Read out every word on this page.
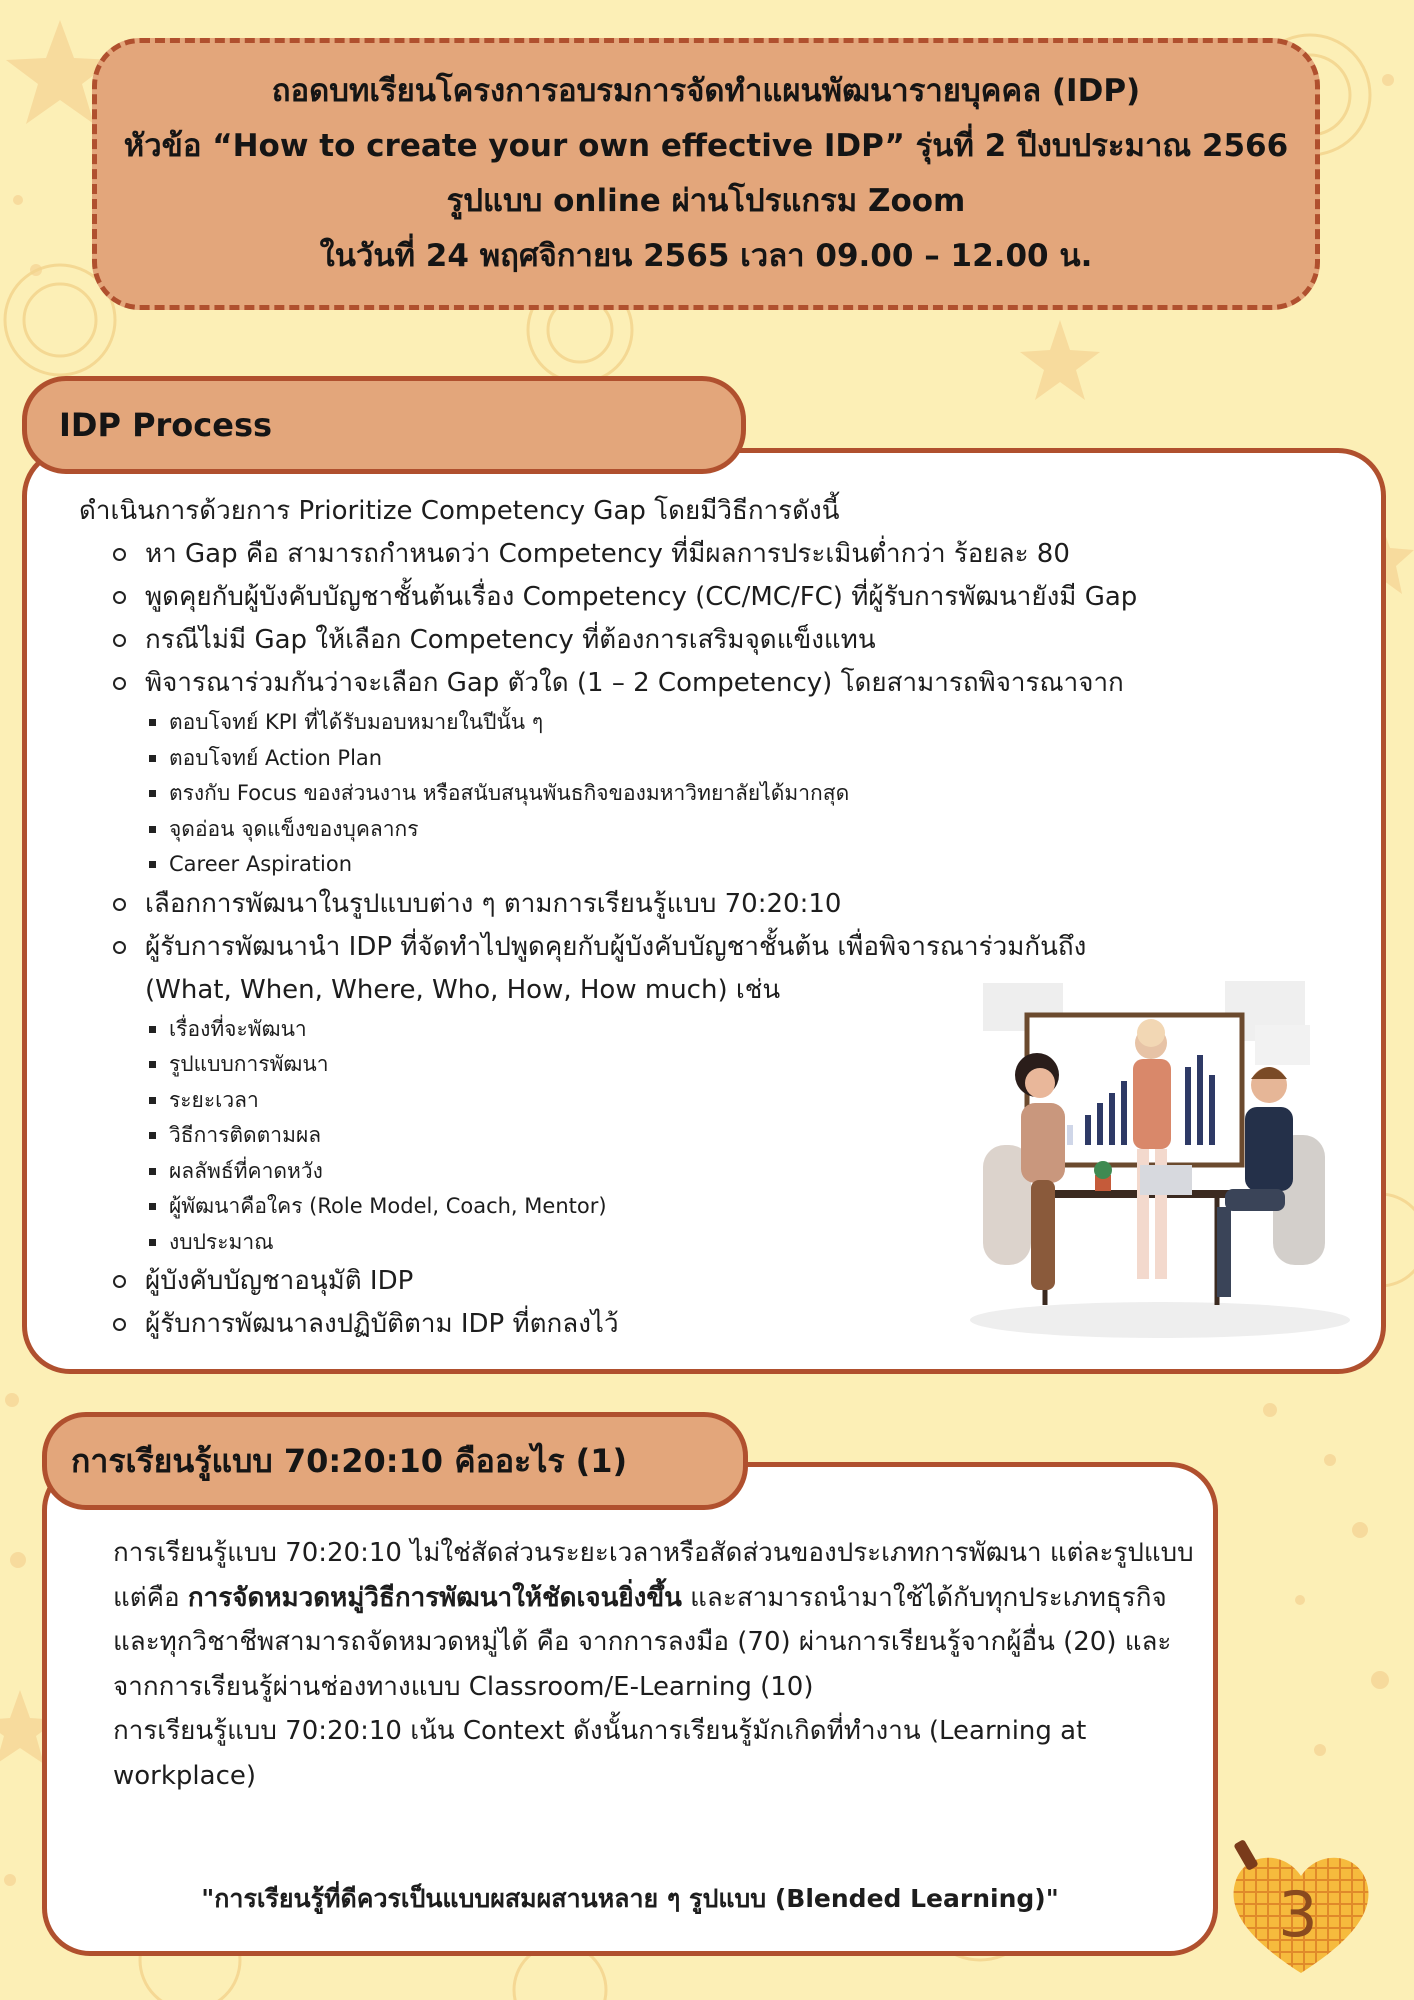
ถอดบทเรียนโครงการอบรมการจัดทำแผนพัฒนารายบุคคล (IDP)
หัวข้อ “How to create your own effective IDP” รุ่นที่ 2 ปีงบประมาณ 2566
รูปแบบ online ผ่านโปรแกรม Zoom
ในวันที่ 24 พฤศจิกายน 2565 เวลา 09.00 – 12.00 น.
IDP Process

ดำเนินการด้วยการ Prioritize Competency Gap โดยมีวิธีการดังนี้

หา Gap คือ สามารถกำหนดว่า Competency ที่มีผลการประเมินต่ำกว่า ร้อยละ 80
พูดคุยกับผู้บังคับบัญชาชั้นต้นเรื่อง Competency (CC/MC/FC) ที่ผู้รับการพัฒนายังมี Gap
กรณีไม่มี Gap ให้เลือก Competency ที่ต้องการเสริมจุดแข็งแทน
พิจารณาร่วมกันว่าจะเลือก Gap ตัวใด (1 – 2 Competency) โดยสามารถพิจารณาจาก
ตอบโจทย์ KPI ที่ได้รับมอบหมายในปีนั้น ๆ
ตอบโจทย์ Action Plan
ตรงกับ Focus ของส่วนงาน หรือสนับสนุนพันธกิจของมหาวิทยาลัยได้มากสุด
จุดอ่อน จุดแข็งของบุคลากร
Career Aspiration
เลือกการพัฒนาในรูปแบบต่าง ๆ ตามการเรียนรู้แบบ 70:20:10
ผู้รับการพัฒนานำ IDP ที่จัดทำไปพูดคุยกับผู้บังคับบัญชาชั้นต้น เพื่อพิจารณาร่วมกันถึง
(What, When, Where, Who, How, How much) เช่น
เรื่องที่จะพัฒนา
รูปแบบการพัฒนา
ระยะเวลา
วิธีการติดตามผล
ผลลัพธ์ที่คาดหวัง
ผู้พัฒนาคือใคร (Role Model, Coach, Mentor)
งบประมาณ
ผู้บังคับบัญชาอนุมัติ IDP
ผู้รับการพัฒนาลงปฏิบัติตาม IDP ที่ตกลงไว้
การเรียนรู้แบบ 70:20:10 คืออะไร (1)

การเรียนรู้แบบ 70:20:10 ไม่ใช่สัดส่วนระยะเวลาหรือสัดส่วนของประเภทการพัฒนา แต่ละรูปแบบ แต่คือ การจัดหมวดหมู่วิธีการพัฒนาให้ชัดเจนยิ่งขึ้น และสามารถนำมาใช้ได้กับทุกประเภทธุรกิจ และทุกวิชาชีพสามารถจัดหมวดหมู่ได้ คือ จากการลงมือ (70) ผ่านการเรียนรู้จากผู้อื่น (20) และจากการเรียนรู้ผ่านช่องทางแบบ Classroom/E-Learning (10)

การเรียนรู้แบบ 70:20:10 เน้น Context ดังนั้นการเรียนรู้มักเกิดที่ทำงาน (Learning at workplace)

"การเรียนรู้ที่ดีควรเป็นแบบผสมผสานหลาย ๆ รูปแบบ (Blended Learning)"	3
